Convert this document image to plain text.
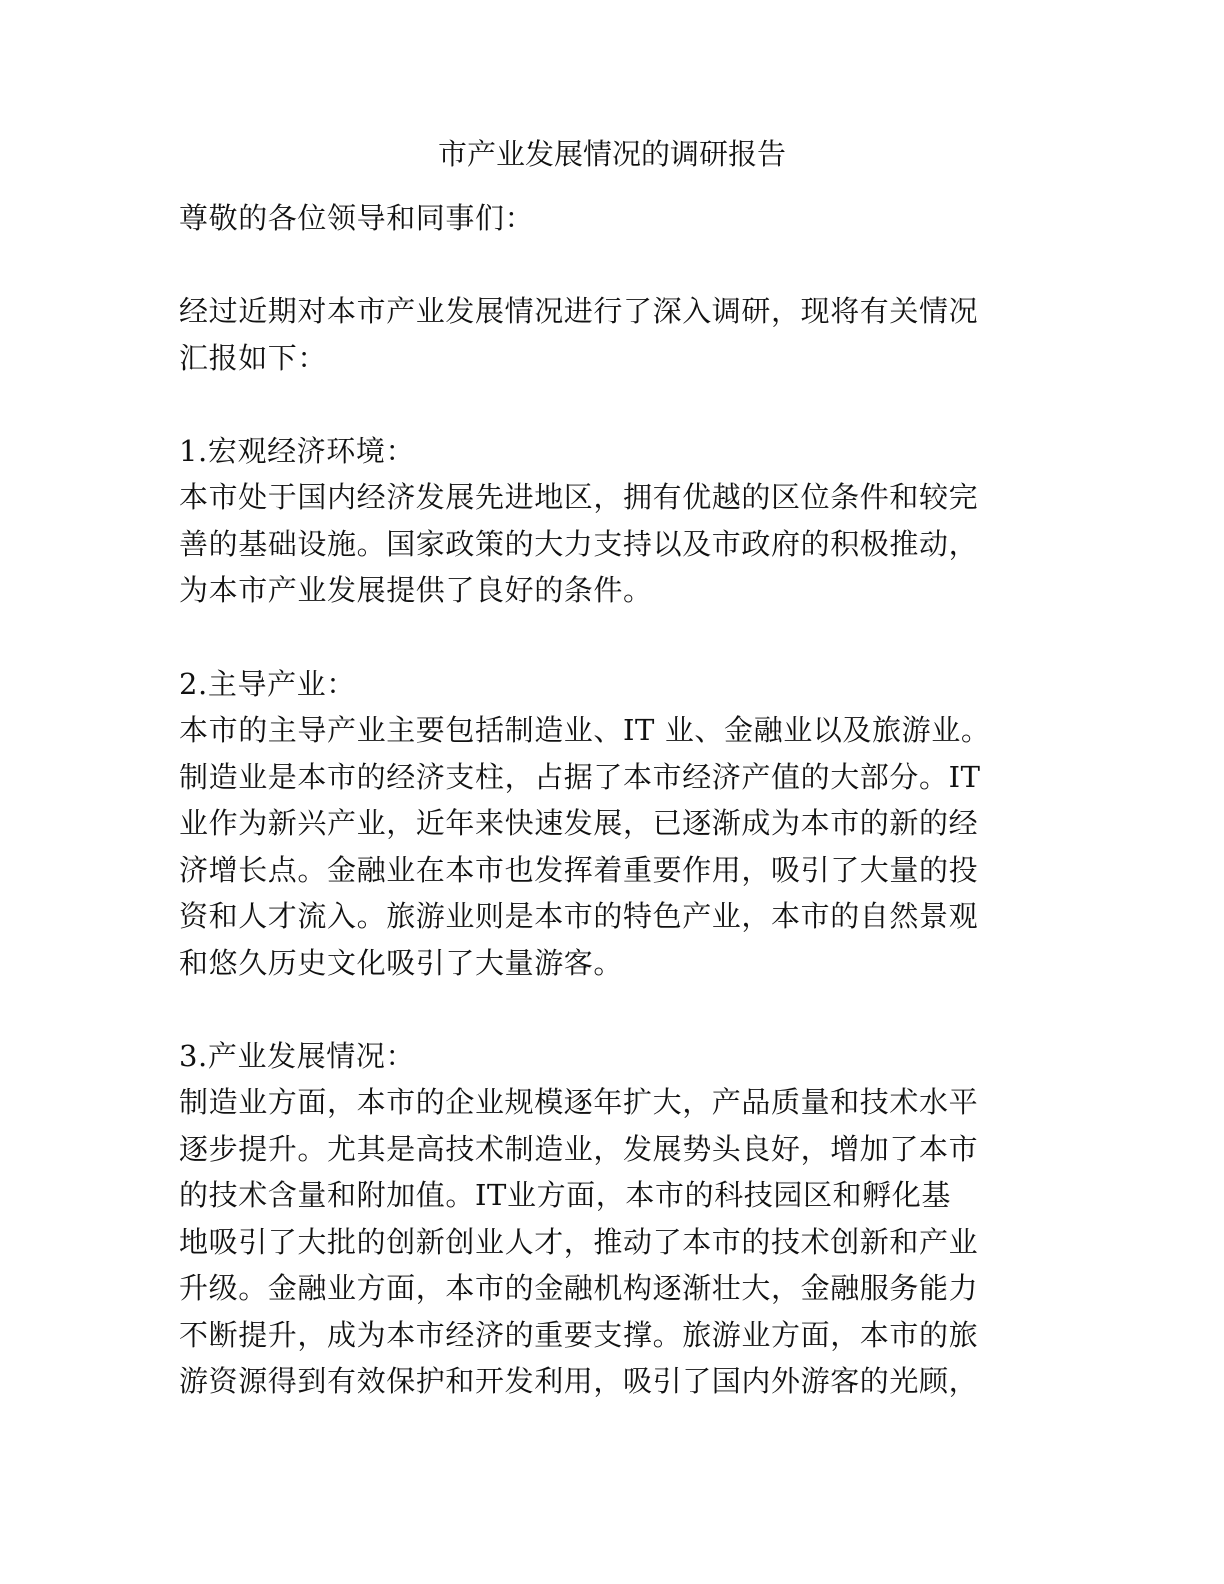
市产业发展情况的调研报告
尊敬的各位领导和同事们：
经过近期对本市产业发展情况进行了深入调研，现将有关情况
汇报如下：
1.宏观经济环境：
本市处于国内经济发展先进地区，拥有优越的区位条件和较完
善的基础设施。国家政策的大力支持以及市政府的积极推动，
为本市产业发展提供了良好的条件。
2.主导产业：
本市的主导产业主要包括制造业、IT 业、金融业以及旅游业。
制造业是本市的经济支柱，占据了本市经济产值的大部分。IT
业作为新兴产业，近年来快速发展，已逐渐成为本市的新的经
济增长点。金融业在本市也发挥着重要作用，吸引了大量的投
资和人才流入。旅游业则是本市的特色产业，本市的自然景观
和悠久历史文化吸引了大量游客。
3.产业发展情况：
制造业方面，本市的企业规模逐年扩大，产品质量和技术水平
逐步提升。尤其是高技术制造业，发展势头良好，增加了本市
的技术含量和附加值。IT业方面，本市的科技园区和孵化基
地吸引了大批的创新创业人才，推动了本市的技术创新和产业
升级。金融业方面，本市的金融机构逐渐壮大，金融服务能力
不断提升，成为本市经济的重要支撑。旅游业方面，本市的旅
游资源得到有效保护和开发利用，吸引了国内外游客的光顾，
